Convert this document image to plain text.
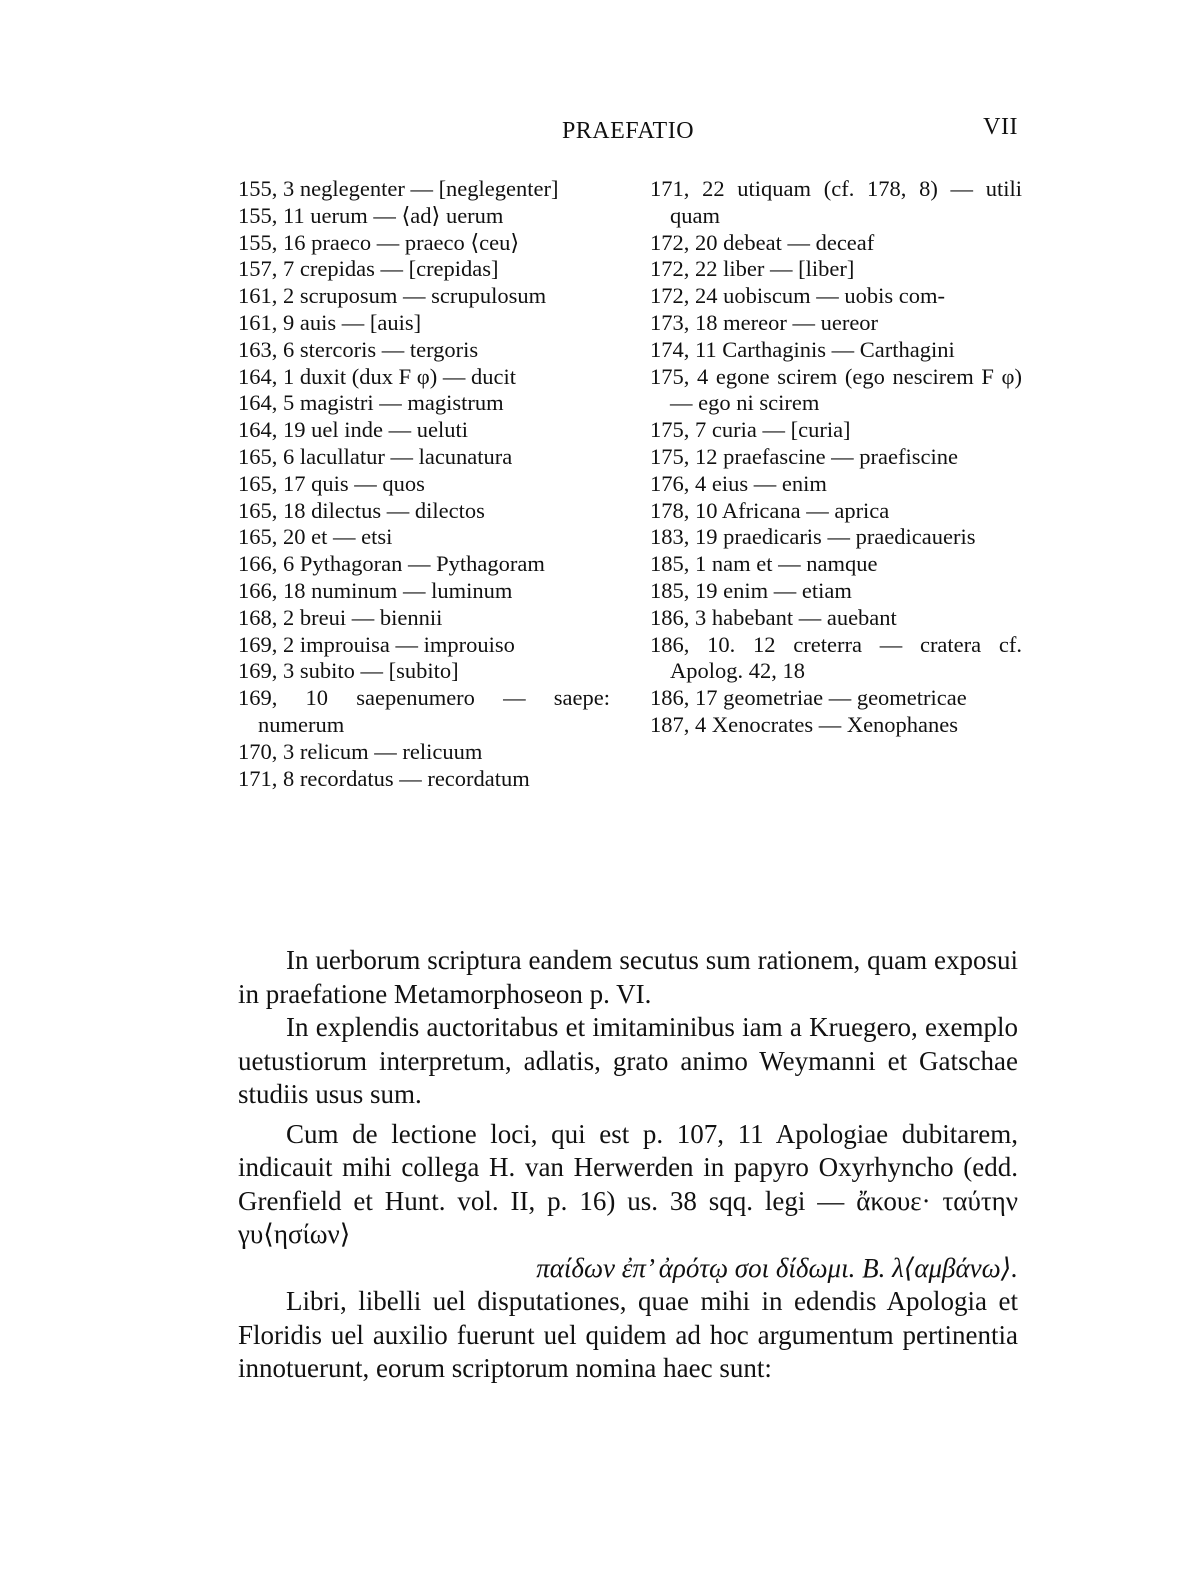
PRAEFATIO	VII
155, 3 neglegenter — [neglegenter]
155, 11 uerum — ⟨ad⟩ uerum
155, 16 praeco — praeco ⟨ceu⟩
157, 7 crepidas — [crepidas]
161, 2 scruposum — scrupulosum
161, 9 auis — [auis]
163, 6 stercoris — tergoris
164, 1 duxit (dux F φ) — ducit
164, 5 magistri — magistrum
164, 19 uel inde — ueluti
165, 6 lacullatur — lacunatura
165, 17 quis — quos
165, 18 dilectus — dilectos
165, 20 et — etsi
166, 6 Pythagoran — Pythagoram
166, 18 numinum — luminum
168, 2 breui — biennii
169, 2 improuisa — improuiso
169, 3 subito — [subito]
169, 10 saepenumero — saepe: numerum
170, 3 relicum — relicuum
171, 8 recordatus — recordatum
171, 22 utiquam (cf. 178, 8) — utili quam
172, 20 debeat — deceaf
172, 22 liber — [liber]
172, 24 uobiscum — uobis com-
173, 18 mereor — uereor
174, 11 Carthaginis — Carthagini
175, 4 egone scirem (ego nescirem F φ) — ego ni scirem
175, 7 curia — [curia]
175, 12 praefascine — praefiscine
176, 4 eius — enim
178, 10 Africana — aprica
183, 19 praedicaris — praedicaueris
185, 1 nam et — namque
185, 19 enim — etiam
186, 3 habebant — auebant
186, 10. 12 creterra — cratera cf. Apolog. 42, 18
186, 17 geometriae — geometricae
187, 4 Xenocrates — Xenophanes

In uerborum scriptura eandem secutus sum rationem, quam exposui in praefatione Metamorphoseon p. VI.

In explendis auctoritabus et imitaminibus iam a Kruegero, exemplo uetustiorum interpretum, adlatis, grato animo Weymanni et Gatschae studiis usus sum.

Cum de lectione loci, qui est p. 107, 11 Apologiae dubitarem, indicauit mihi collega H. van Herwerden in papyro Oxyrhyncho (edd. Grenfield et Hunt. vol. II, p. 16) us. 38 sqq. legi — ἄκουε· ταύτην γυ⟨ησίων⟩

παίδων ἐπ’ ἀρότῳ σοι δίδωμι. Β. λ⟨αμβάνω⟩.

Libri, libelli uel disputationes, quae mihi in edendis Apologia et Floridis uel auxilio fuerunt uel quidem ad hoc argumentum pertinentia innotuerunt, eorum scriptorum nomina haec sunt:
